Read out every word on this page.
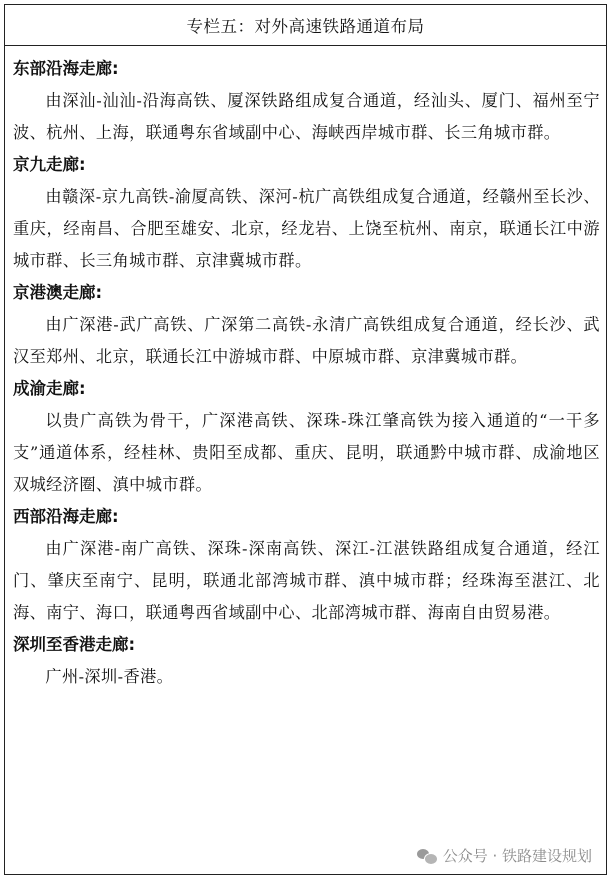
专栏五：对外高速铁路通道布局
东部沿海走廊:
由深汕-汕汕-沿海高铁、厦深铁路组成复合通道，经汕头、厦门、福州至宁波、杭州、上海，联通粤东省域副中心、海峡西岸城市群、长三角城市群。
京九走廊:
由赣深-京九高铁-渝厦高铁、深河-杭广高铁组成复合通道，经赣州至长沙、重庆，经南昌、合肥至雄安、北京，经龙岩、上饶至杭州、南京，联通长江中游城市群、长三角城市群、京津冀城市群。
京港澳走廊:
由广深港-武广高铁、广深第二高铁-永清广高铁组成复合通道，经长沙、武汉至郑州、北京，联通长江中游城市群、中原城市群、京津冀城市群。
成渝走廊:
以贵广高铁为骨干，广深港高铁、深珠-珠江肇高铁为接入通道的“一干多支”通道体系，经桂林、贵阳至成都、重庆、昆明，联通黔中城市群、成渝地区双城经济圈、滇中城市群。
西部沿海走廊:
由广深港-南广高铁、深珠-深南高铁、深江-江湛铁路组成复合通道，经江门、肇庆至南宁、昆明，联通北部湾城市群、滇中城市群；经珠海至湛江、北海、南宁、海口，联通粤西省域副中心、北部湾城市群、海南自由贸易港。
深圳至香港走廊:
广州-深圳-香港。
公众号 · 铁路建设规划
